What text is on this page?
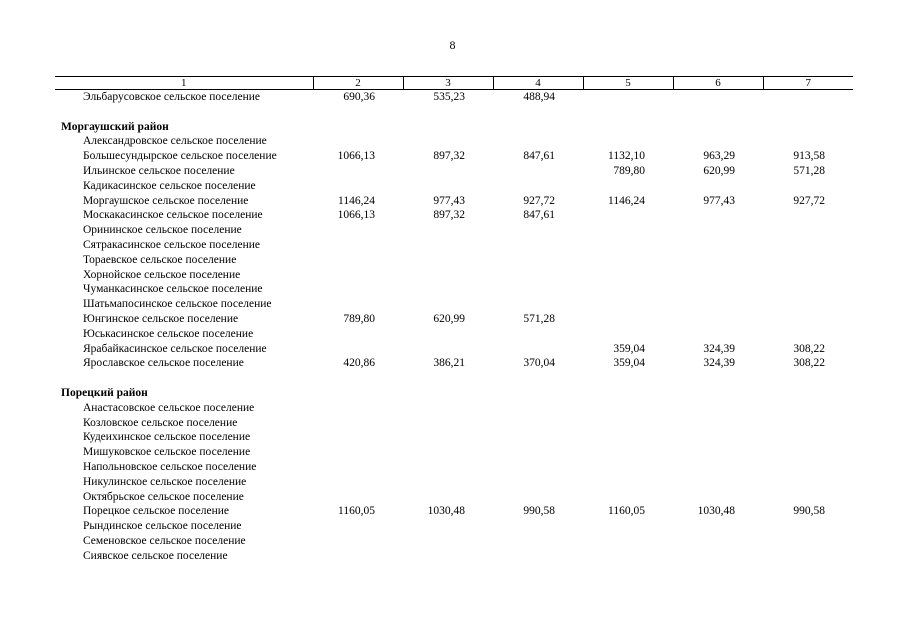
8
1	2	3	4	5	6	7
Эльбарусовское сельское поселение	690,36	535,23	488,94			

Моргаушский район						
Александровское сельское поселение						
Большесундырское сельское поселение	1066,13	897,32	847,61	1132,10	963,29	913,58
Ильинское сельское поселение				789,80	620,99	571,28
Кадикасинское сельское поселение						
Моргаушское сельское поселение	1146,24	977,43	927,72	1146,24	977,43	927,72
Москакасинское сельское поселение	1066,13	897,32	847,61			
Орининское сельское поселение						
Сятракасинское сельское поселение						
Тораевское сельское поселение						
Хорнойское сельское поселение						
Чуманкасинское сельское поселение						
Шатьмапосинское сельское поселение						
Юнгинское сельское поселение	789,80	620,99	571,28			
Юськасинское сельское поселение						
Ярабайкасинское сельское поселение				359,04	324,39	308,22
Ярославское сельское поселение	420,86	386,21	370,04	359,04	324,39	308,22

Порецкий район						
Анастасовское сельское поселение						
Козловское сельское поселение						
Кудеихинское сельское поселение						
Мишуковское сельское поселение						
Напольновское сельское поселение						
Никулинское сельское поселение						
Октябрьское сельское поселение						
Порецкое сельское поселение	1160,05	1030,48	990,58	1160,05	1030,48	990,58
Рындинское сельское поселение						
Семеновское сельское поселение						
Сиявское сельское поселение						
